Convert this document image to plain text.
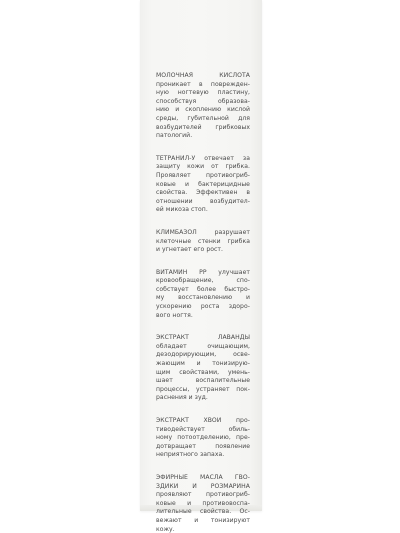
МОЛОЧНАЯ КИСЛОТА
проникает в поврежден-
ную ногтевую пластину,
способствуя образова-
нию и скоплению кислой
среды, губительной для
возбудителей грибковых
патологий.
ТЕТРАНИЛ-У отвечает за
защиту кожи от грибка.
Проявляет противогриб-
ковые и бактерицидные
свойства. Эффективен в
отношении возбудител-
ей микоза стоп.
КЛИМБАЗОЛ разрушает
клеточные стенки грибка
и угнетает его рост.
ВИТАМИН РР улучшает
кровообращение, спо-
собствует более быстро-
му восстановлению и
ускорению роста здоро-
вого ногтя.
ЭКСТРАКТ ЛАВАНДЫ
обладает очищающим,
дезодорирующим, осве-
жающим и тонизирую-
щим свойствами, умень-
шает воспалительные
процессы, устраняет пок-
раснения и зуд.
ЭКСТРАКТ ХВОИ про-
тиводействует обиль-
ному потоотделению, пре-
дотвращает появление
неприятного запаха.
ЭФИРНЫЕ МАСЛА ГВО-
ЗДИКИ И РОЗМАРИНА
проявляют противогриб-
ковые и противовоспа-
лительные свойства. Ос-
вежают и тонизируют
кожу.
